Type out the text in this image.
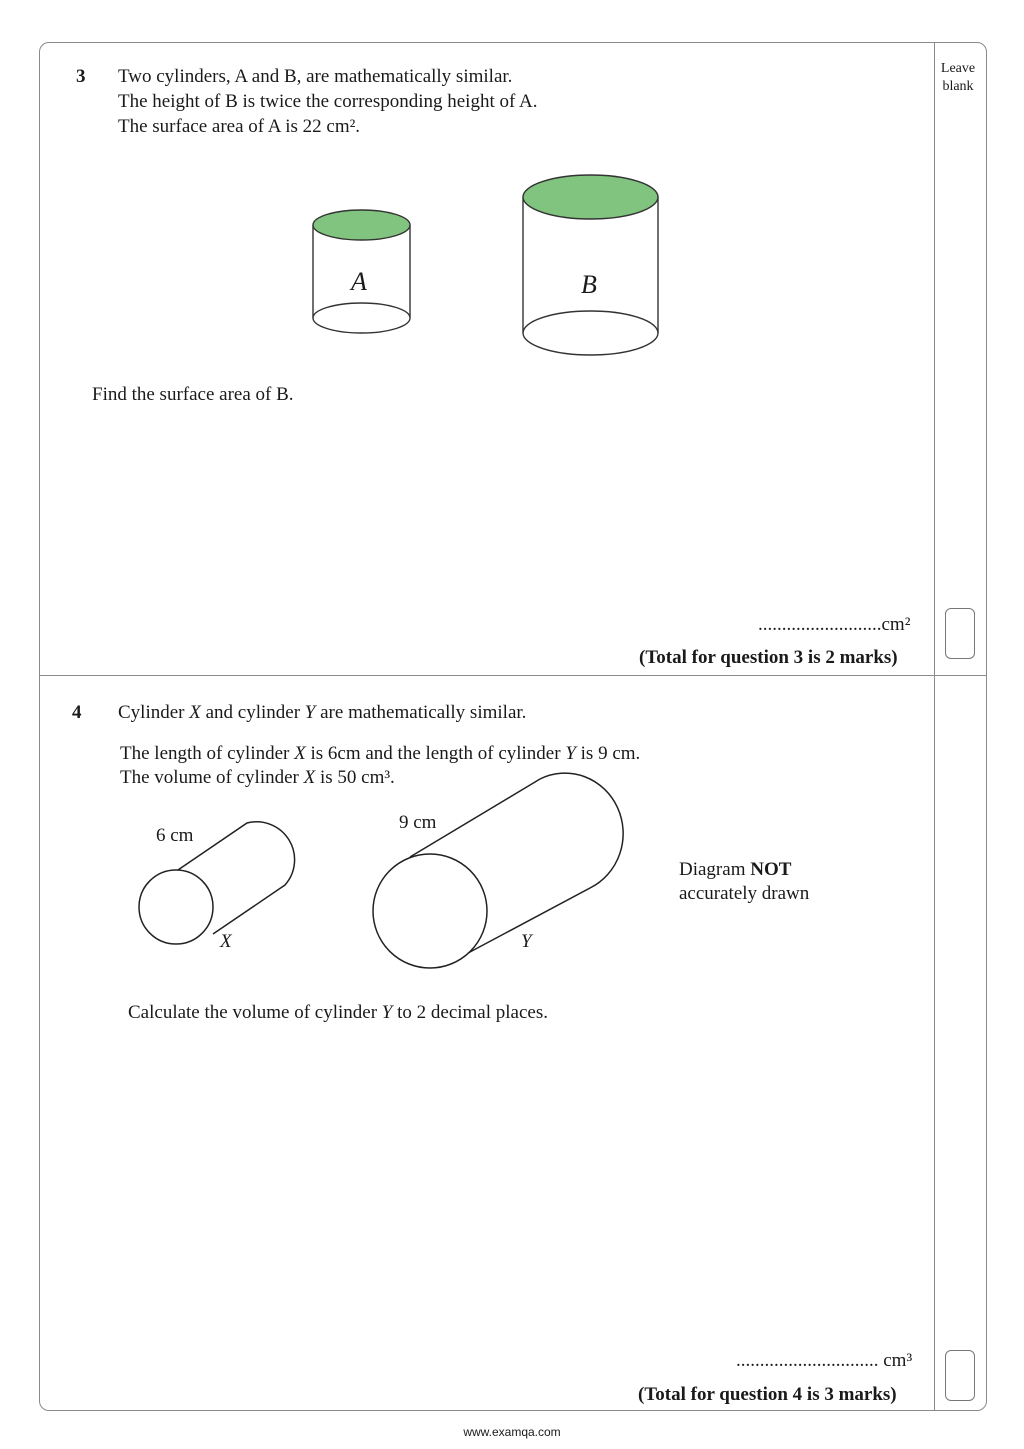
Leave
blank
3 Two cylinders, A and B, are mathematically similar.
The height of B is twice the corresponding height of A.
The surface area of A is 22 cm².
A	B
Find the surface area of B.
..........................cm²
(Total for question 3 is 2 marks)
4 Cylinder X and cylinder Y are mathematically similar.
The length of cylinder X is 6cm and the length of cylinder Y is 9 cm.
The volume of cylinder X is 50 cm³.
6 cm
9 cm
X	Y
Diagram NOT
accurately drawn
Calculate the volume of cylinder Y to 2 decimal places.
.............................. cm³
(Total for question 4 is 3 marks)
www.examqa.com
